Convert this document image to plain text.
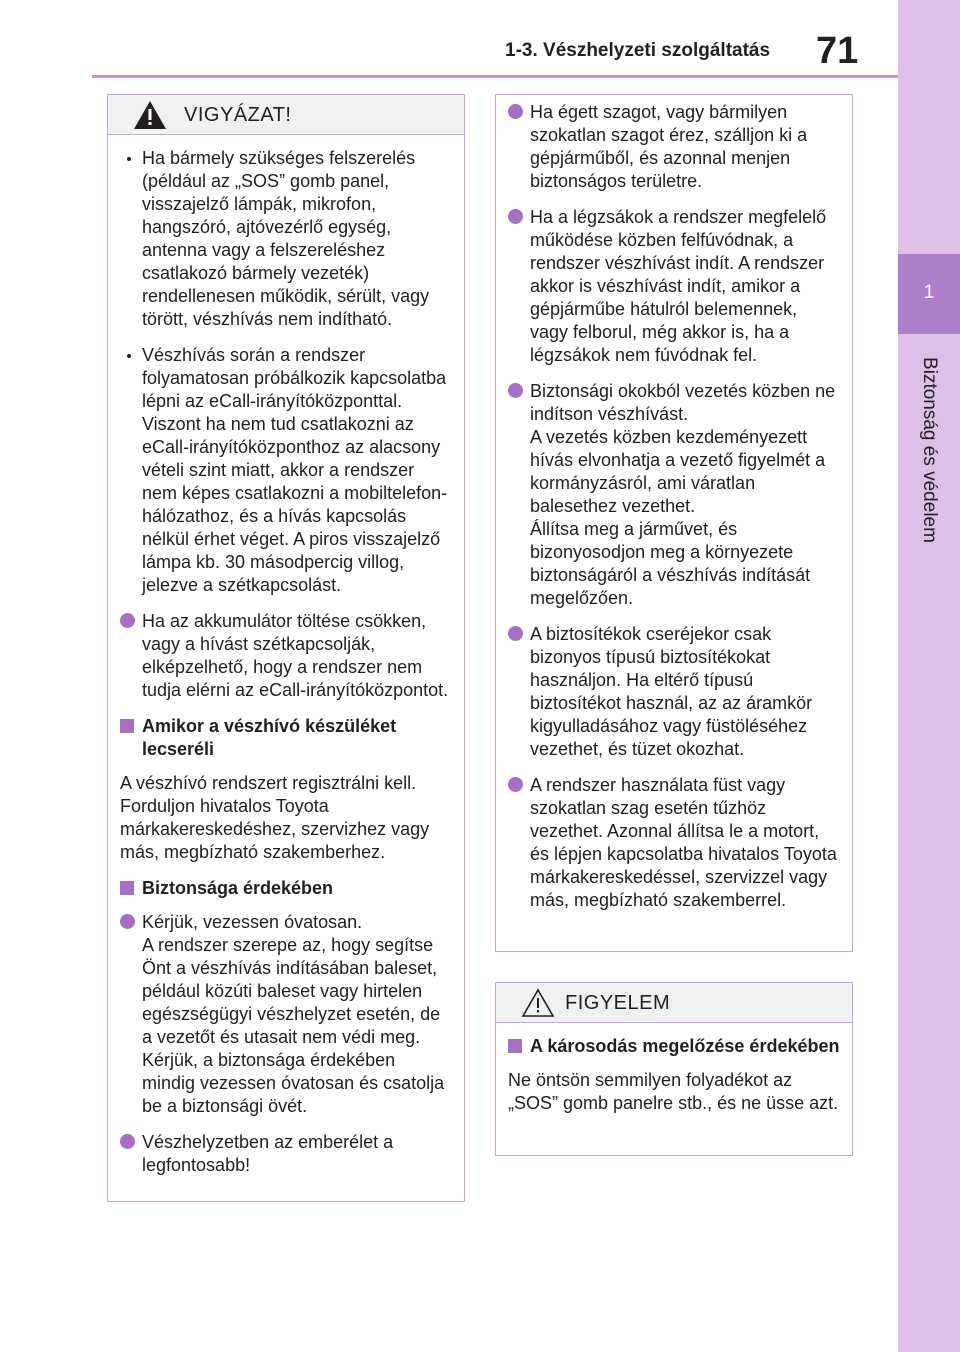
1
Biztonság és védelem
1-3. Vészhelyzeti szolgáltatás 71
VIGYÁZAT!
Ha bármely szükséges felszerelés (például az „SOS” gomb panel, visszajelző lámpák, mikrofon, hangszóró, ajtóvezérlő egység, antenna vagy a felszereléshez csatlakozó bármely vezeték) rendellenesen működik, sérült, vagy törött, vészhívás nem indítható.
Vészhívás során a rendszer folyamatosan próbálkozik kapcsolatba lépni az eCall-irányítóközponttal. Viszont ha nem tud csatlakozni az eCall-irányítóközponthoz az alacsony vételi szint miatt, akkor a rendszer nem képes csatlakozni a mobiltelefon-hálózathoz, és a hívás kapcsolás nélkül érhet véget. A piros visszajelző lámpa kb. 30 másodpercig villog, jelezve a szétkapcsolást.
Ha az akkumulátor töltése csökken, vagy a hívást szétkapcsolják, elképzelhető, hogy a rendszer nem tudja elérni az eCall-irányítóközpontot.
Amikor a vészhívó készüléket lecseréli

A vészhívó rendszert regisztrálni kell. Forduljon hivatalos Toyota márkakereskedéshez, szervizhez vagy más, megbízható szakemberhez.

Biztonsága érdekében
Kérjük, vezessen óvatosan.
A rendszer szerepe az, hogy segítse Önt a vészhívás indításában baleset, például közúti baleset vagy hirtelen egészségügyi vészhelyzet esetén, de a vezetőt és utasait nem védi meg. Kérjük, a biztonsága érdekében mindig vezessen óvatosan és csatolja be a biztonsági övét.
Vészhelyzetben az emberélet a legfontosabb!
Ha égett szagot, vagy bármilyen szokatlan szagot érez, szálljon ki a gépjárműből, és azonnal menjen biztonságos területre.
Ha a légzsákok a rendszer megfelelő működése közben felfúvódnak, a rendszer vészhívást indít. A rendszer akkor is vészhívást indít, amikor a gépjárműbe hátulról belemennek, vagy felborul, még akkor is, ha a légzsákok nem fúvódnak fel.
Biztonsági okokból vezetés közben ne indítson vészhívást.
A vezetés közben kezdeményezett hívás elvonhatja a vezető figyelmét a kormányzásról, ami váratlan balesethez vezethet.
Állítsa meg a járművet, és bizonyosodjon meg a környezete biztonságáról a vészhívás indítását megelőzően.
A biztosítékok cseréjekor csak bizonyos típusú biztosítékokat használjon. Ha eltérő típusú biztosítékot használ, az az áramkör kigyulladásához vagy füstöléséhez vezethet, és tüzet okozhat.
A rendszer használata füst vagy szokatlan szag esetén tűzhöz vezethet. Azonnal állítsa le a motort, és lépjen kapcsolatba hivatalos Toyota márkakereskedéssel, szervizzel vagy más, megbízható szakemberrel.
FIGYELEM
A károsodás megelőzése érdekében

Ne öntsön semmilyen folyadékot az „SOS” gomb panelre stb., és ne üsse azt.
